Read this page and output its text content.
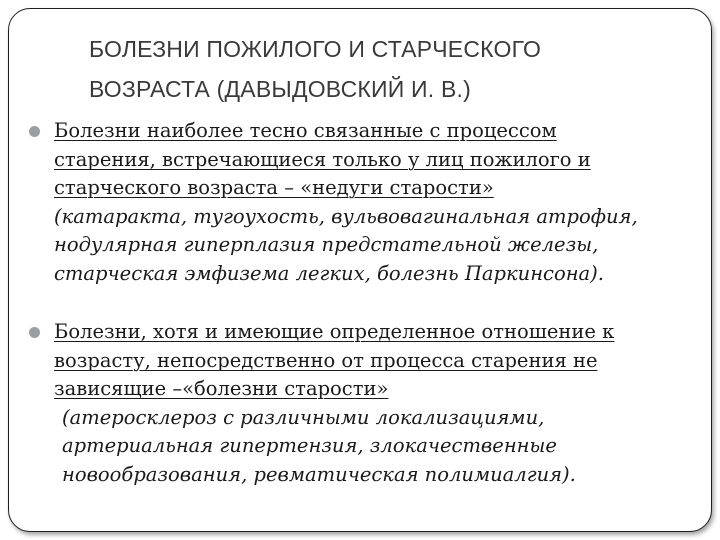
БОЛЕЗНИ ПОЖИЛОГО И СТАРЧЕСКОГО
ВОЗРАСТА (ДАВЫДОВСКИЙ И. В.)
Болезни наиболее тесно связанные с процессом
старения, встречающиеся только у лиц пожилого и
старческого возраста – «недуги старости»
(катаракта, тугоухость, вульвовагинальная атрофия,
нодулярная гиперплазия предстательной железы,
старческая эмфизема легких, болезнь Паркинсона).
Болезни, хотя и имеющие определенное отношение к
возрасту, непосредственно от процесса старения не
зависящие –«болезни старости»
(атеросклероз с различными локализациями,
артериальная гипертензия, злокачественные
новообразования, ревматическая полимиалгия).
